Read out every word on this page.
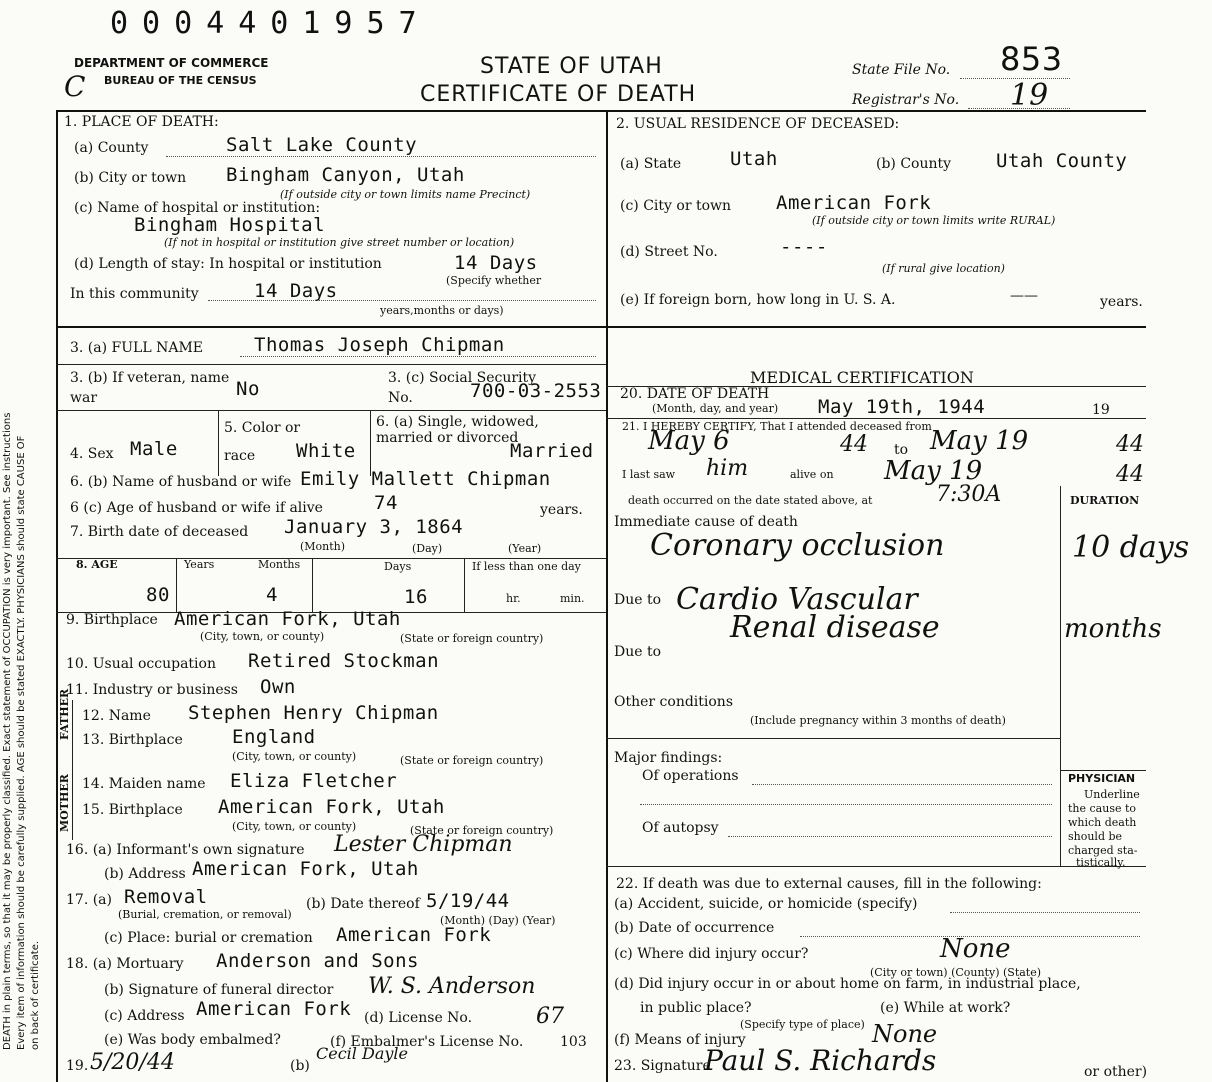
DEATH in plain terms, so that it may be properly classified. Exact statement of OCCUPATION is very important. See instructions Every item of information should be carefully supplied. AGE should be stated EXACTLY. PHYSICIANS should state CAUSE OF on back of certificate.
0004401957
DEPARTMENT OF COMMERCE
BUREAU OF THE CENSUS
C
STATE OF UTAH
CERTIFICATE OF DEATH
State File No. 853
Registrar's No. 19
1. PLACE OF DEATH:
(a) County	Salt Lake County
(b) City or town Bingham Canyon, Utah
(If outside city or town limits name Precinct)
(c) Name of hospital or institution:
Bingham Hospital
(If not in hospital or institution give street number or location)
(d) Length of stay: In hospital or institution	14 Days
(Specify whether
In this community	14 Days
years,months or days)
2. USUAL RESIDENCE OF DECEASED:
(a) State	Utah	(b) County Utah County
(c) City or town American Fork
(If outside city or town limits write RURAL)
(d) Street No.	----
(If rural give location)
(e) If foreign born, how long in U. S. A.	——	years.
3. (a) FULL NAME	Thomas Joseph Chipman
3. (b) If veteran, name war	No	3. (c) Social Security No.	700-03-2553
4. Sex Male
5. Color or race	White
6. (a) Single, widowed, married or divorced
Married
6. (b) Name of husband or wife Emily Mallett Chipman
6 (c) Age of husband or wife if alive	74	years.
7. Birth date of deceased January 3, 1864
(Month)	(Day)	(Year)
8. AGE	Years	Months	Days	If less than one day
80	4	16	hr.	min.
9. Birthplace American Fork, Utah
(City, town, or county)	(State or foreign country)
10. Usual occupation Retired Stockman
11. Industry or business Own
FATHER
MOTHER
12. Name Stephen Henry Chipman
13. Birthplace	England
(City, town, or county)	(State or foreign country)
14. Maiden name Eliza Fletcher
15. Birthplace American Fork, Utah
(City, town, or county)	(State or foreign country)
16. (a) Informant's own signature Lester Chipman
(b) Address American Fork, Utah
17. (a) Removal
(Burial, cremation, or removal)
(b) Date thereof 5/19/44
(Month) (Day) (Year)
(c) Place: burial or cremation American Fork
18. (a) Mortuary Anderson and Sons
(b) Signature of funeral director W. S. Anderson
(c) Address American Fork (d) License No.	67
(e) Was body embalmed?	(f) Embalmer's License No.	103
19. 5/20/44	(b)
Cecil Dayle
MEDICAL CERTIFICATION
20. DATE OF DEATH
(Month, day, and year) May 19th, 1944	19
21. I HEREBY CERTIFY, That I attended deceased from
May 6	44 to May 19	44
I last saw him	alive on May 19	44
death occurred on the date stated above, at	7:30A	DURATION
Immediate cause of death
Coronary occlusion	10 days
Due to Cardio Vascular
Renal disease	months
Due to
Other conditions
(Include pregnancy within 3 months of death)
Major findings:
Of operations
Of autopsy
PHYSICIAN
Underline
the cause to
which death
should be
charged sta-
tistically.
22. If death was due to external causes, fill in the following:
(a) Accident, suicide, or homicide (specify)
(b) Date of occurrence
(c) Where did injury occur?	None
(City or town) (County) (State)
(d) Did injury occur in or about home on farm, in industrial place,
in public place?	(e) While at work?
(Specify type of place)
(f) Means of injury	None
23. Signature
Paul S. Richards	or other)
